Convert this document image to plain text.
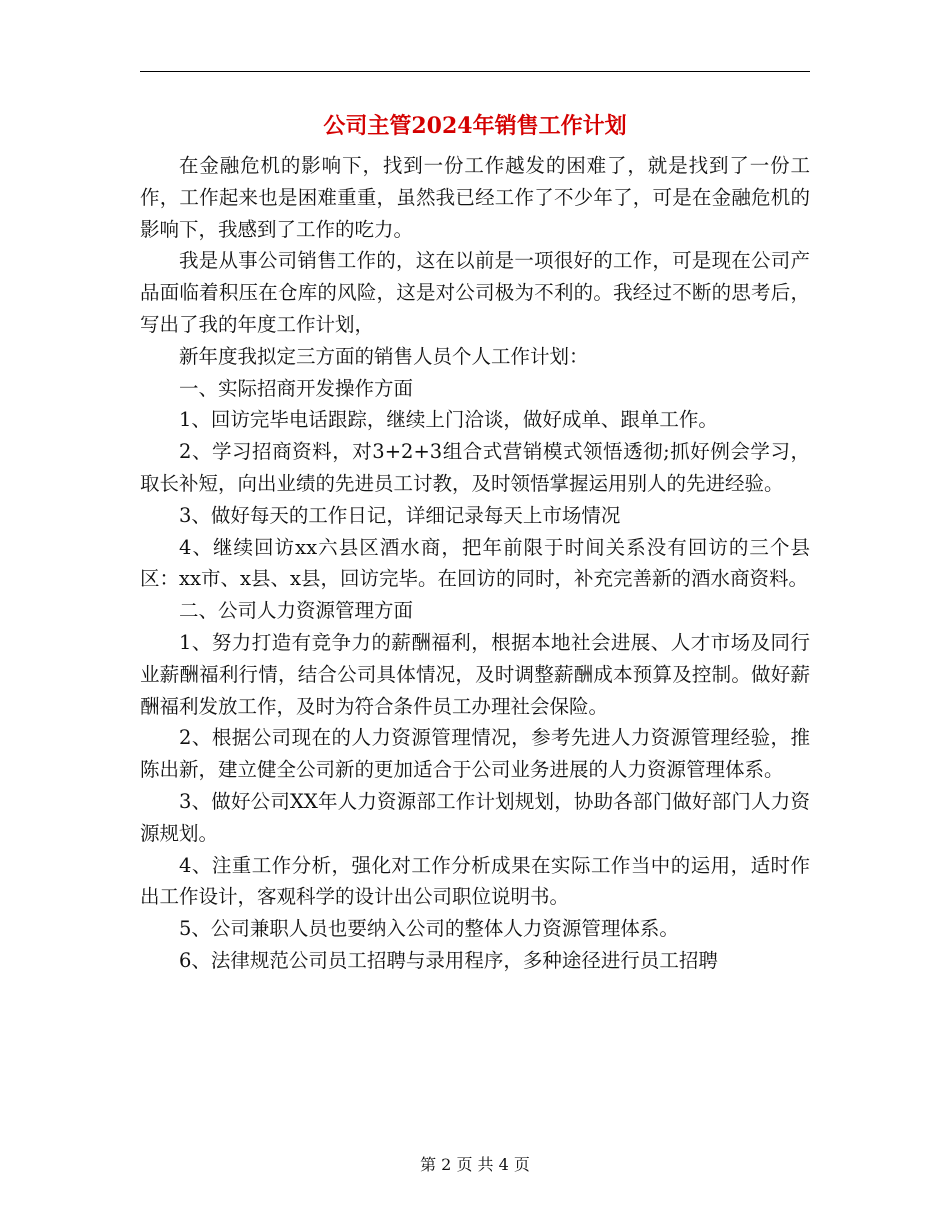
公司主管2024年销售工作计划

在金融危机的影响下，找到一份工作越发的困难了，就是找到了一份工作，工作起来也是困难重重，虽然我已经工作了不少年了，可是在金融危机的影响下，我感到了工作的吃力。

我是从事公司销售工作的，这在以前是一项很好的工作，可是现在公司产品面临着积压在仓库的风险，这是对公司极为不利的。我经过不断的思考后，写出了我的年度工作计划，

新年度我拟定三方面的销售人员个人工作计划：

一、实际招商开发操作方面

1、回访完毕电话跟踪，继续上门洽谈，做好成单、跟单工作。

2、学习招商资料，对3+2+3组合式营销模式领悟透彻;抓好例会学习，取长补短，向出业绩的先进员工讨教，及时领悟掌握运用别人的先进经验。

3、做好每天的工作日记，详细记录每天上市场情况

4、继续回访xx六县区酒水商，把年前限于时间关系没有回访的三个县区：xx市、x县、x县，回访完毕。在回访的同时，补充完善新的酒水商资料。

二、公司人力资源管理方面

1、努力打造有竞争力的薪酬福利，根据本地社会进展、人才市场及同行业薪酬福利行情，结合公司具体情况，及时调整薪酬成本预算及控制。做好薪酬福利发放工作，及时为符合条件员工办理社会保险。

2、根据公司现在的人力资源管理情况，参考先进人力资源管理经验，推陈出新，建立健全公司新的更加适合于公司业务进展的人力资源管理体系。

3、做好公司XX年人力资源部工作计划规划，协助各部门做好部门人力资源规划。

4、注重工作分析，强化对工作分析成果在实际工作当中的运用，适时作出工作设计，客观科学的设计出公司职位说明书。

5、公司兼职人员也要纳入公司的整体人力资源管理体系。

6、法律规范公司员工招聘与录用程序，多种途径进行员工招聘

第 2 页 共 4 页
